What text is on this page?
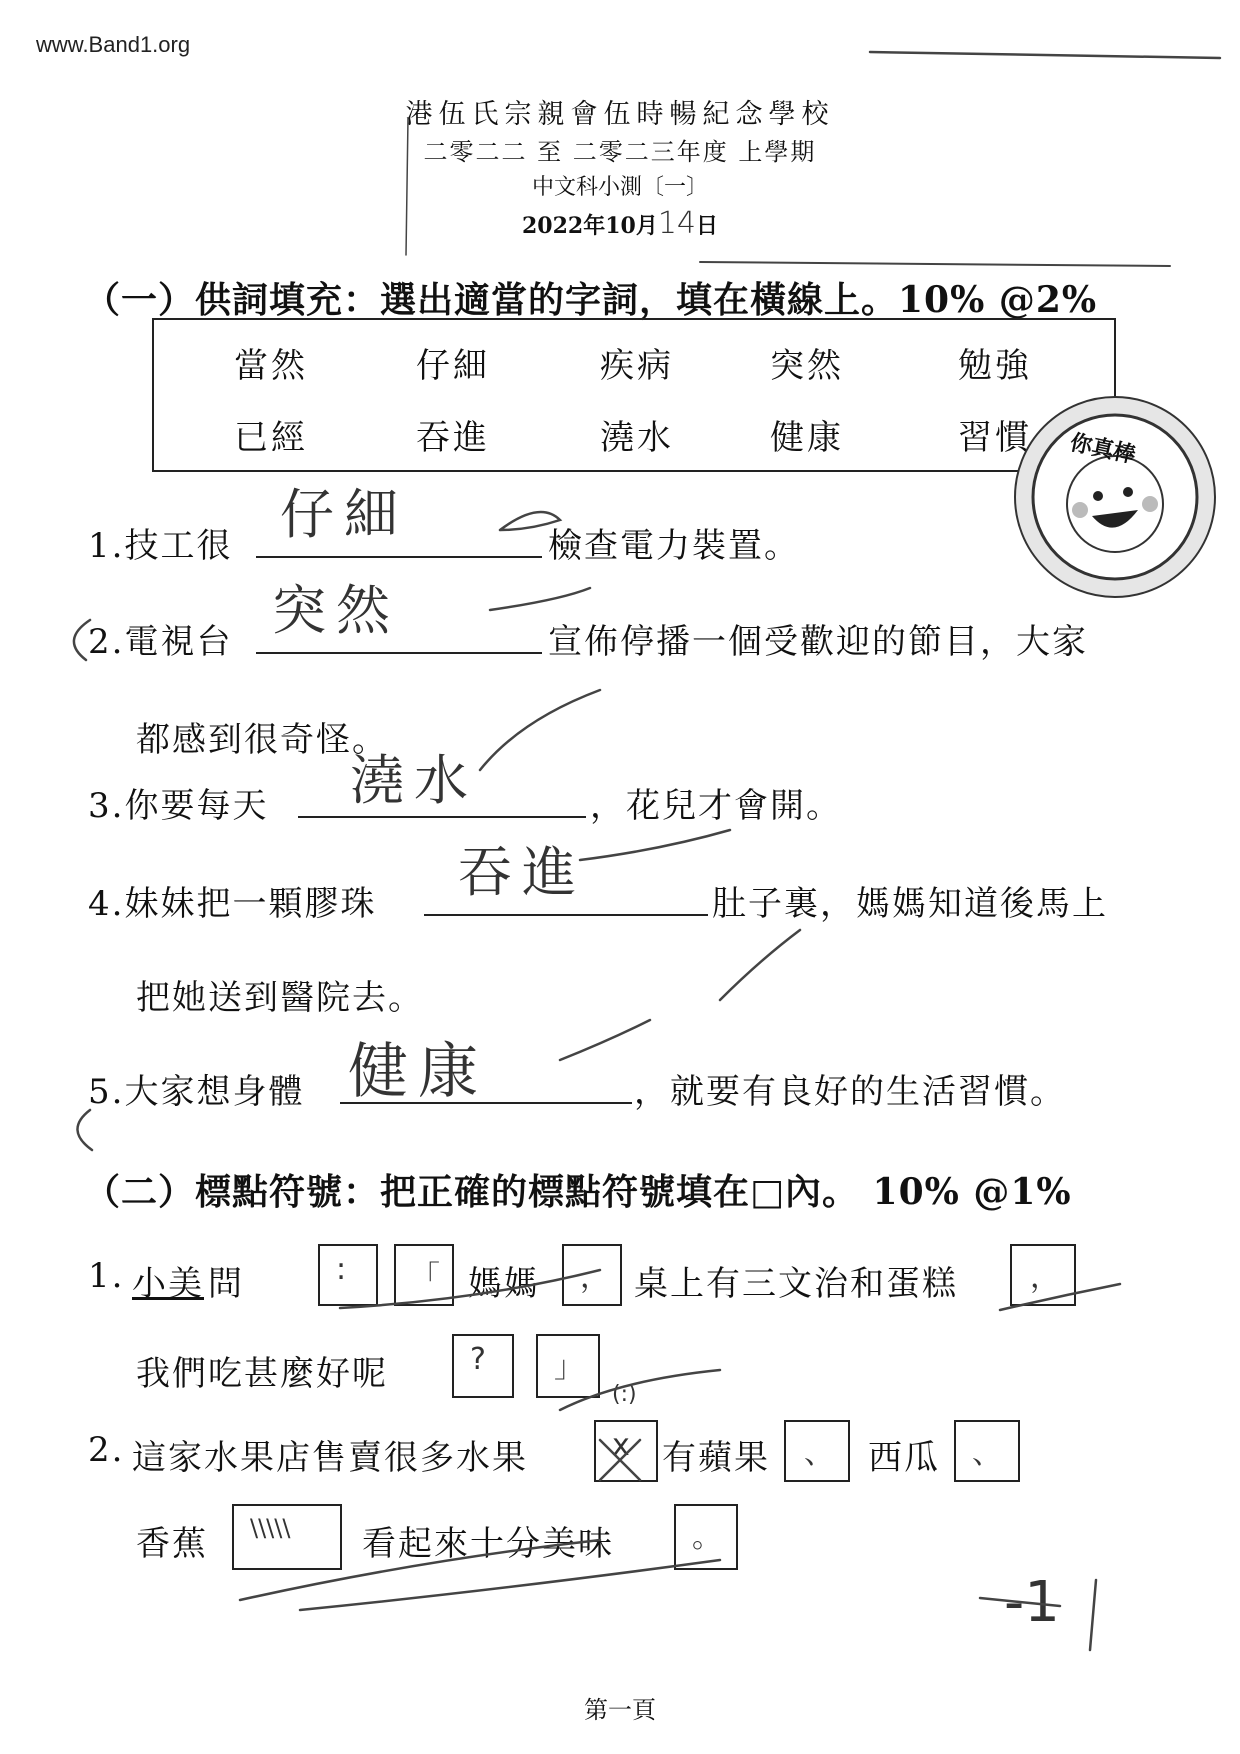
www.Band1.org
港伍氏宗親會伍時暢紀念學校
二零二二 至 二零二三年度 上學期
中文科小測〔一〕
2022年10月14日
（一）供詞填充：選出適當的字詞，填在橫線上。10% @2%
當然	仔細	疾病	突然	勉強
已經	吞進	澆水	健康	習慣
1.技工很 仔細	檢查電力裝置。
2.電視台 突然	宣佈停播一個受歡迎的節目，大家
都感到很奇怪。
3.你要每天 澆水	，花兒才會開。
4.妹妹把一顆膠珠 吞進	肚子裏，媽媽知道後馬上
把她送到醫院去。
5.大家想身體 健康	，就要有良好的生活習慣。
你真棒
（二）標點符號：把正確的標點符號填在□內。 10% @1%
1. 小美 問	: 「 媽媽 ， 桌上有三文治和蛋糕 ，
我們吃甚麼好呢	? 」
2. 這家水果店售賣很多水果	x
(:)
有蘋果 、 西瓜 、
香蕉 \\\\\ 看起來十分美味	。
-1
第一頁
